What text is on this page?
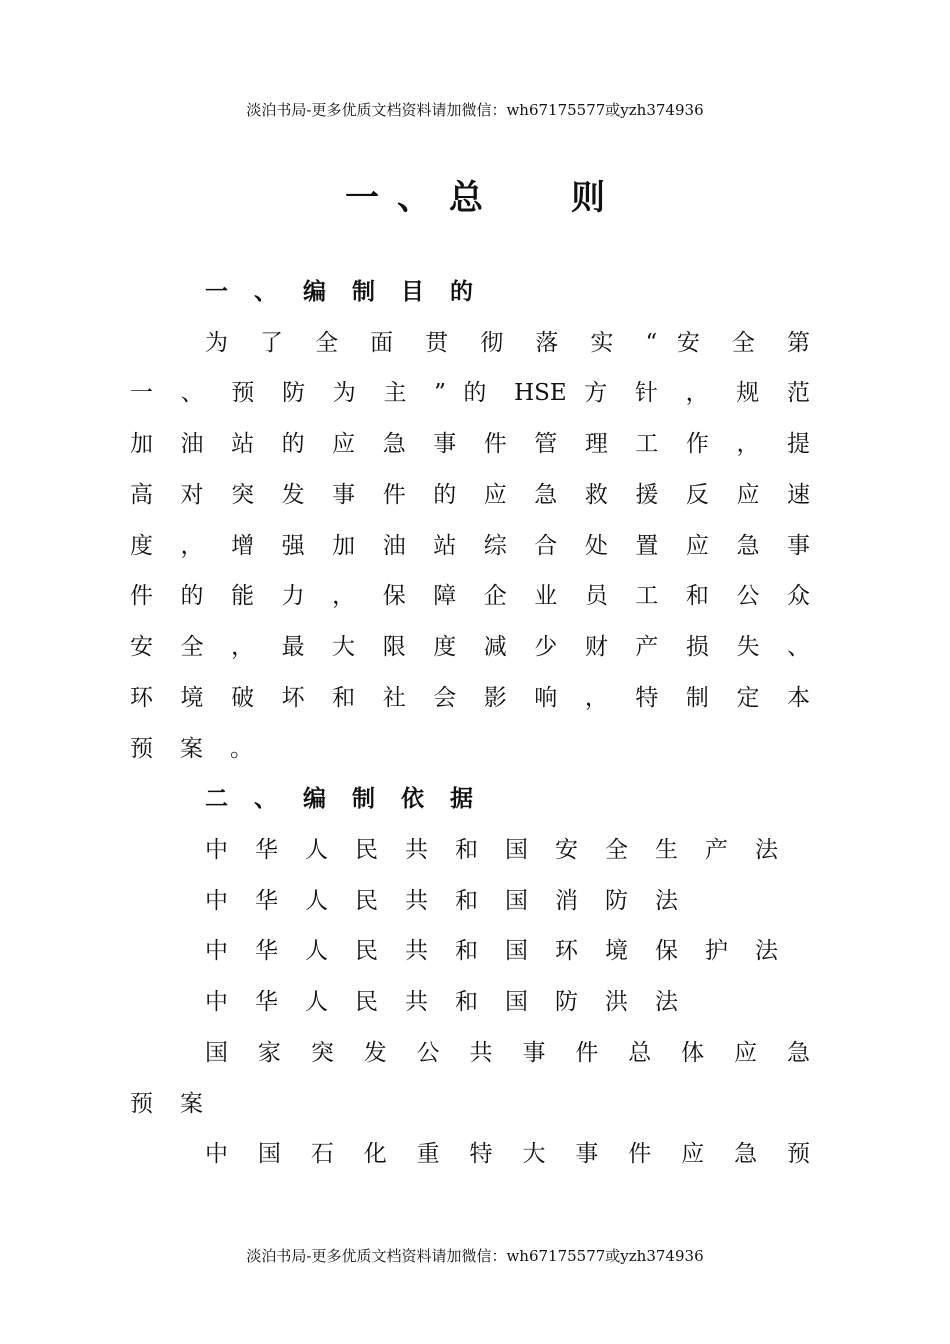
淡泊书局-更多优质文档资料请加微信：wh67175577或yzh374936
一、总 则
一、编制目的
为 了 全 面 贯 彻 落 实 “ 安 全 第
一 、 预 防 为 主 ” 的 HSE 方 针 ， 规 范
加 油 站 的 应 急 事 件 管 理 工 作 ， 提
高 对 突 发 事 件 的 应 急 救 援 反 应 速
度 ， 增 强 加 油 站 综 合 处 置 应 急 事
件 的 能 力 ， 保 障 企 业 员 工 和 公 众
安 全 ， 最 大 限 度 减 少 财 产 损 失 、
环 境 破 坏 和 社 会 影 响 ， 特 制 定 本
预案。
二、编制依据
中华人民共和国安全生产法
中华人民共和国消防法
中华人民共和国环境保护法
中华人民共和国防洪法
国 家 突 发 公 共 事 件 总 体 应 急
预案
中 国 石 化 重 特 大 事 件 应 急 预
淡泊书局-更多优质文档资料请加微信：wh67175577或yzh374936
